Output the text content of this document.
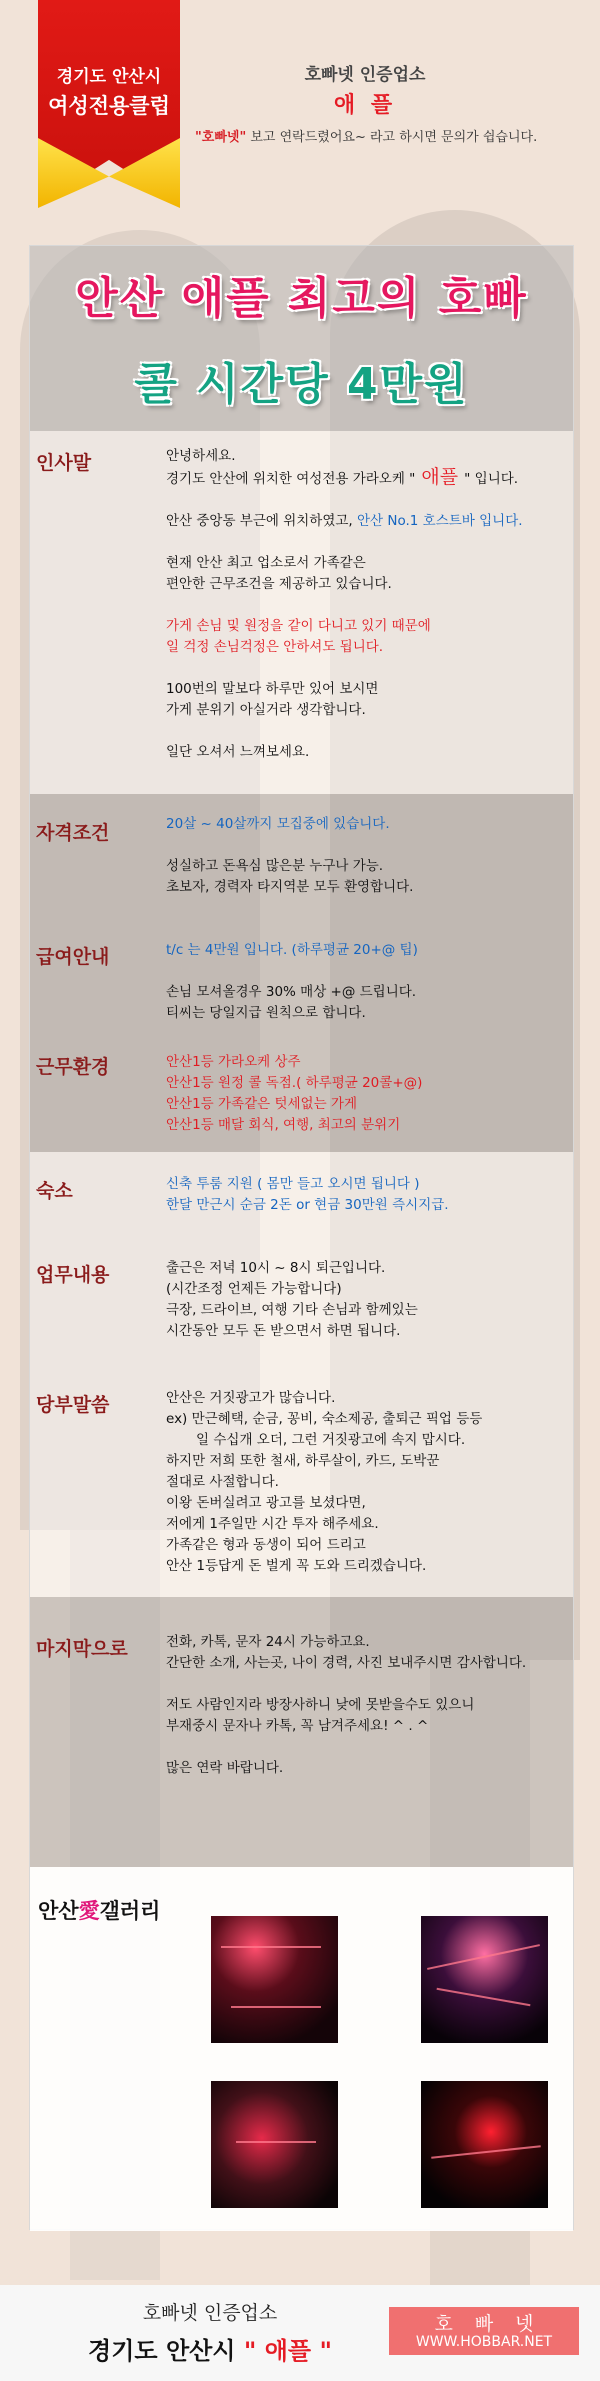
경기도 안산시
여성전용클럽
호빠넷 인증업소
애 플
"호빠넷" 보고 연락드렸어요~ 라고 하시면 문의가 쉽습니다.
안산 애플 최고의 호빠
콜 시간당 4만원
인사말	안녕하세요.
경기도 안산에 위치한 여성전용 가라오케 " 애플 " 입니다.
안산 중앙동 부근에 위치하였고, 안산 No.1 호스트바 입니다.
현재 안산 최고 업소로서 가족같은
편안한 근무조건을 제공하고 있습니다.
가게 손님 및 원정을 같이 다니고 있기 때문에
일 걱정 손님걱정은 안하셔도 됩니다.
100번의 말보다 하루만 있어 보시면
가게 분위기 아실거라 생각합니다.
일단 오셔서 느껴보세요.
자격조건	20살 ~ 40살까지 모집중에 있습니다.
성실하고 돈욕심 많은분 누구나 가능.
초보자, 경력자 타지역분 모두 환영합니다.
급여안내	t/c 는 4만원 입니다. (하루평균 20+@ 팁)
손님 모셔올경우 30% 매상 +@ 드립니다.
티씨는 당일지급 원칙으로 합니다.
근무환경	안산1등 가라오케 상주
안산1등 원정 콜 독점.( 하루평균 20콜+@)
안산1등 가족같은 텃세없는 가게
안산1등 매달 회식, 여행, 최고의 분위기
숙소	신축 투룸 지원 ( 몸만 들고 오시면 됩니다 )
한달 만근시 순금 2돈 or 현금 30만원 즉시지급.
업무내용	출근은 저녁 10시 ~ 8시 퇴근입니다.
(시간조정 언제든 가능합니다)
극장, 드라이브, 여행 기타 손님과 함께있는
시간동안 모두 돈 받으면서 하면 됩니다.
당부말씀	안산은 거짓광고가 많습니다.
ex) 만근혜택, 순금, 꽁비, 숙소제공, 출퇴근 픽업 등등
일 수십개 오더, 그런 거짓광고에 속지 맙시다.
하지만 저희 또한 철새, 하루살이, 카드, 도박꾼
절대로 사절합니다.
이왕 돈버실려고 광고를 보셨다면,
저에게 1주일만 시간 투자 해주세요.
가족같은 형과 동생이 되어 드리고
안산 1등답게 돈 벌게 꼭 도와 드리겠습니다.
마지막으로	전화, 카톡, 문자 24시 가능하고요.
간단한 소개, 사는곳, 나이 경력, 사진 보내주시면 감사합니다.
저도 사람인지라 방장사하니 낮에 못받을수도 있으니
부재중시 문자나 카톡, 꼭 남겨주세요! ^ . ^
많은 연락 바랍니다.
안산愛갤러리
호빠넷 인증업소
경기도 안산시 " 애플 "
호빠넷
WWW.HOBBAR.NET
